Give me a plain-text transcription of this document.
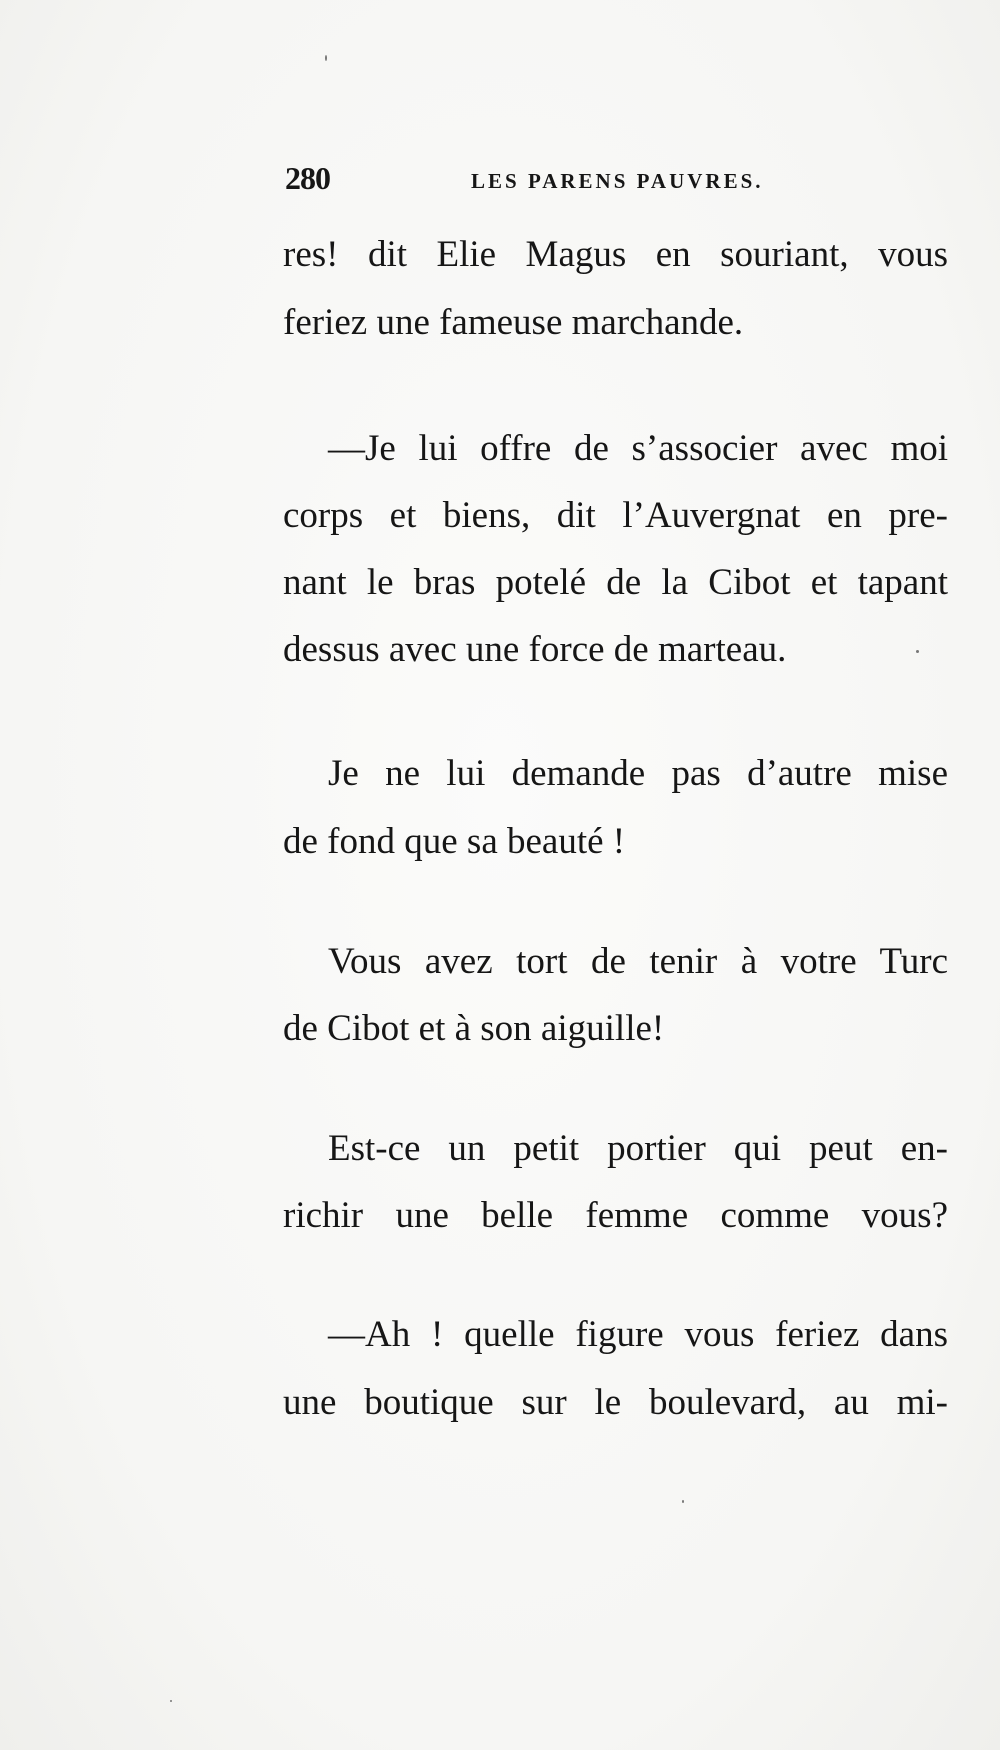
280	LES PARENS PAUVRES.
res! dit Elie Magus en souriant, vous
feriez une fameuse marchande.
—Je lui offre de s’associer avec moi
corps et biens, dit l’Auvergnat en pre-
nant le bras potelé de la Cibot et tapant
dessus avec une force de marteau.
Je ne lui demande pas d’autre mise
de fond que sa beauté !
Vous avez tort de tenir à votre Turc
de Cibot et à son aiguille!
Est-ce un petit portier qui peut en-
richir une belle femme comme vous?
—Ah ! quelle figure vous feriez dans
une boutique sur le boulevard, au mi-
